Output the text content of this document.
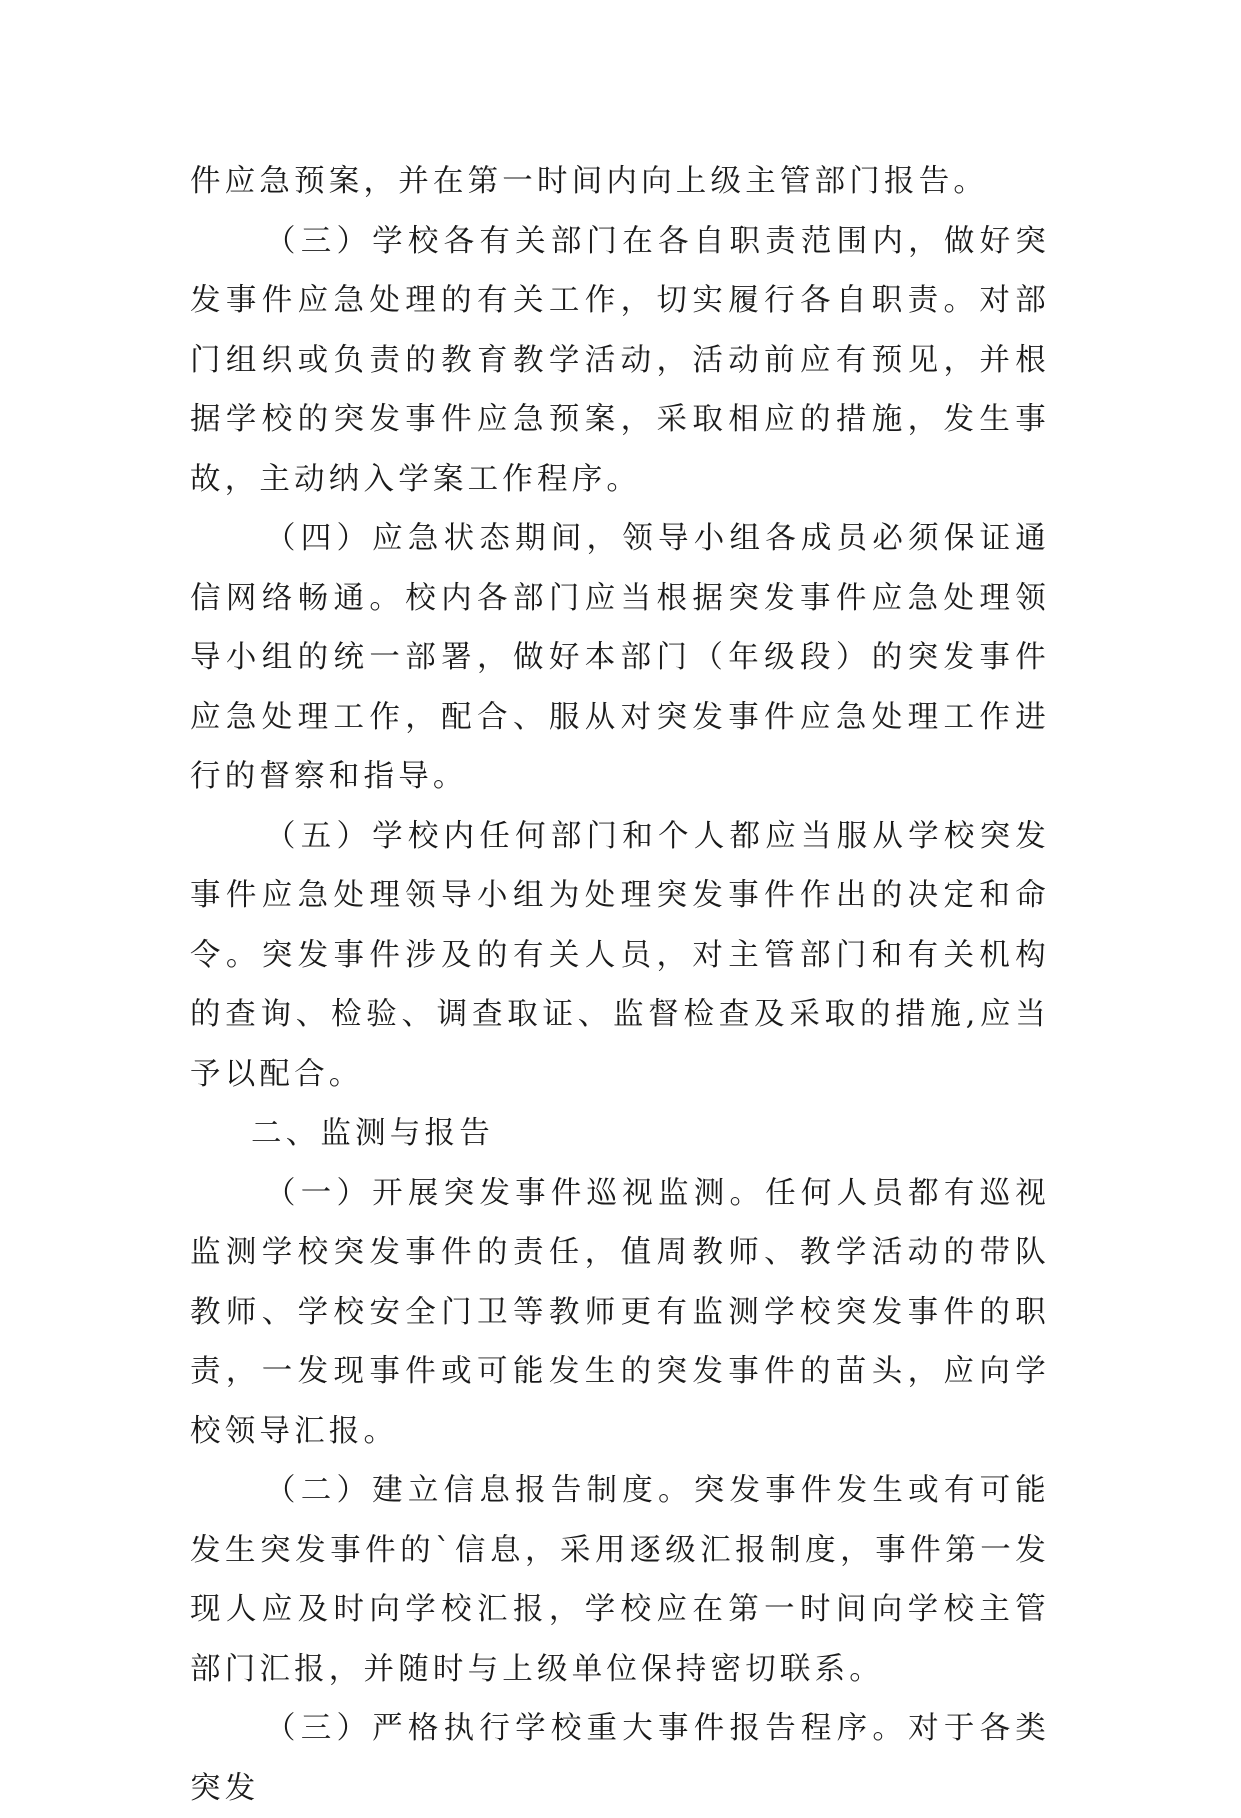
件应急预案，并在第一时间内向上级主管部门报告。

（三）学校各有关部门在各自职责范围内，做好突发事件应急处理的有关工作，切实履行各自职责。对部门组织或负责的教育教学活动，活动前应有预见，并根据学校的突发事件应急预案，采取相应的措施，发生事故，主动纳入学案工作程序。

（四）应急状态期间，领导小组各成员必须保证通信网络畅通。校内各部门应当根据突发事件应急处理领导小组的统一部署，做好本部门（年级段）的突发事件应急处理工作，配合、服从对突发事件应急处理工作进行的督察和指导。

（五）学校内任何部门和个人都应当服从学校突发事件应急处理领导小组为处理突发事件作出的决定和命令。突发事件涉及的有关人员，对主管部门和有关机构的查询、检验、调查取证、监督检查及采取的措施,应当予以配合。

二、监测与报告

（一）开展突发事件巡视监测。任何人员都有巡视监测学校突发事件的责任，值周教师、教学活动的带队教师、学校安全门卫等教师更有监测学校突发事件的职责，一发现事件或可能发生的突发事件的苗头，应向学校领导汇报。

（二）建立信息报告制度。突发事件发生或有可能发生突发事件的`信息，采用逐级汇报制度，事件第一发现人应及时向学校汇报，学校应在第一时间向学校主管部门汇报，并随时与上级单位保持密切联系。

（三）严格执行学校重大事件报告程序。对于各类突发
